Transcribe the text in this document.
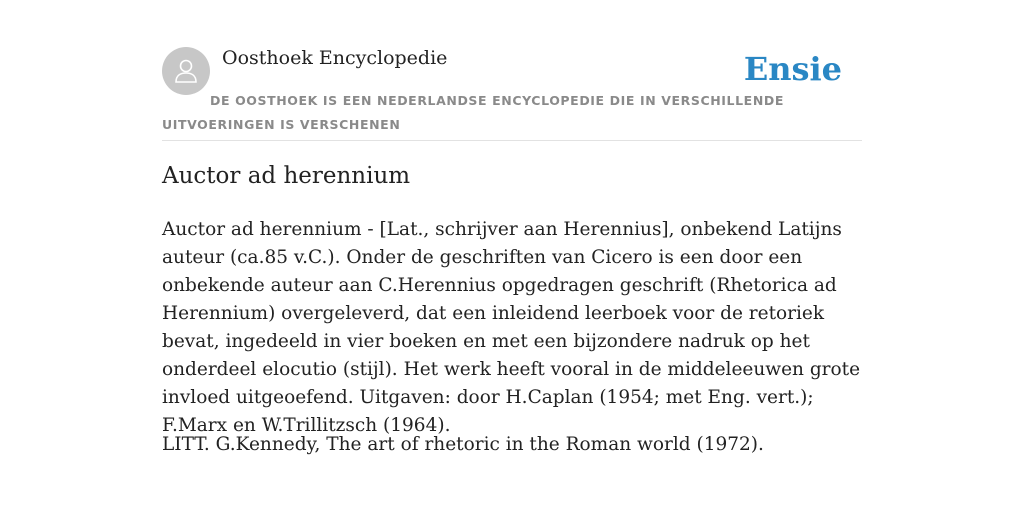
Oosthoek Encyclopedie	Ensie
DE OOSTHOEK IS EEN NEDERLANDSE ENCYCLOPEDIE DIE IN VERSCHILLENDE UITVOERINGEN IS VERSCHENEN
Auctor ad herennium

Auctor ad herennium - [Lat., schrijver aan Herennius], onbekend Latijns auteur (ca.85 v.C.). Onder de geschriften van Cicero is een door een onbekende auteur aan C.Herennius opgedragen geschrift (Rhetorica ad Herennium) overgeleverd, dat een inleidend leerboek voor de retoriek bevat, ingedeeld in vier boeken en met een bijzondere nadruk op het onderdeel elocutio (stijl). Het werk heeft vooral in de middeleeuwen grote invloed uitgeoefend. Uitgaven: door H.Caplan (1954; met Eng. vert.); F.Marx en W.Trillitzsch (1964).

LITT. G.Kennedy, The art of rhetoric in the Roman world (1972).
